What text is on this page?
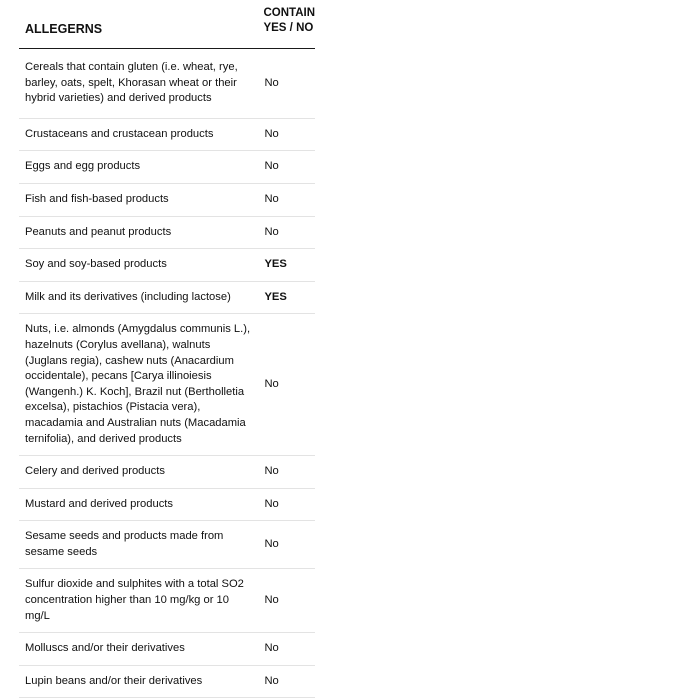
ALLEGERNS	CONTAIN
YES / NO

Cereals that contain gluten (i.e. wheat, rye, barley, oats, spelt, Khorasan wheat or their hybrid varieties) and derived products	No
Crustaceans and crustacean products	No
Eggs and egg products	No
Fish and fish-based products	No
Peanuts and peanut products	No
Soy and soy-based products	YES
Milk and its derivatives (including lactose)	YES
Nuts, i.e. almonds (Amygdalus communis L.), hazelnuts (Corylus avellana), walnuts (Juglans regia), cashew nuts (Anacardium occidentale), pecans [Carya illinoiesis (Wangenh.) K. Koch], Brazil nut (Bertholletia excelsa), pistachios (Pistacia vera), macadamia and Australian nuts (Macadamia ternifolia), and derived products	No
Celery and derived products	No
Mustard and derived products	No
Sesame seeds and products made from sesame seeds	No
Sulfur dioxide and sulphites with a total SO2 concentration higher than 10 mg/kg or 10 mg/L	No
Molluscs and/or their derivatives	No
Lupin beans and/or their derivatives	No
